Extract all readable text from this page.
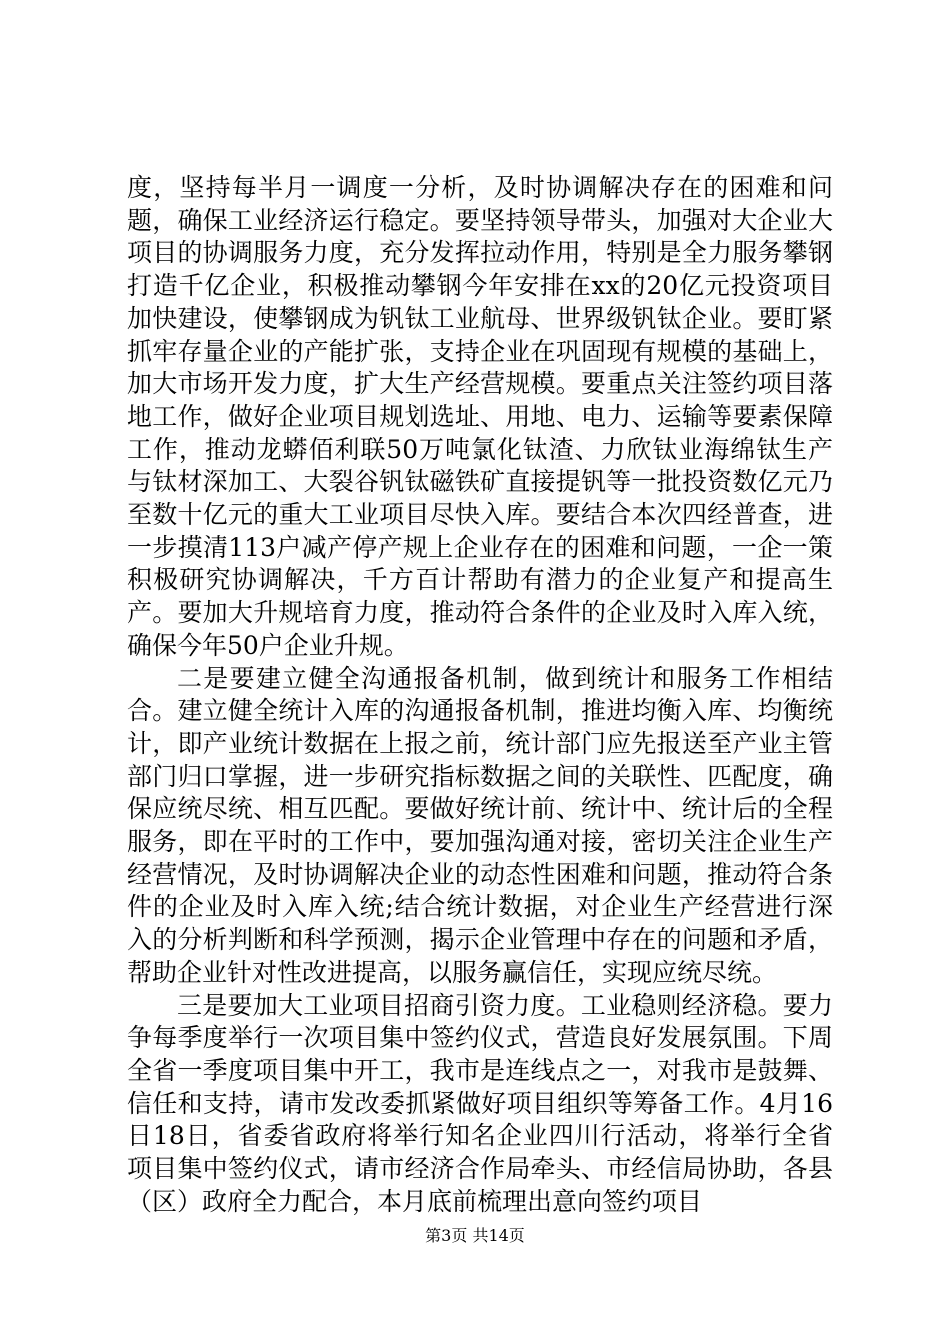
度，坚持每半月一调度一分析，及时协调解决存在的困难和问题，确保工业经济运行稳定。要坚持领导带头，加强对大企业大项目的协调服务力度，充分发挥拉动作用，特别是全力服务攀钢打造千亿企业，积极推动攀钢今年安排在xx的20亿元投资项目加快建设，使攀钢成为钒钛工业航母、世界级钒钛企业。要盯紧抓牢存量企业的产能扩张，支持企业在巩固现有规模的基础上，加大市场开发力度，扩大生产经营规模。要重点关注签约项目落地工作，做好企业项目规划选址、用地、电力、运输等要素保障工作，推动龙蟒佰利联50万吨氯化钛渣、力欣钛业海绵钛生产与钛材深加工、大裂谷钒钛磁铁矿直接提钒等一批投资数亿元乃至数十亿元的重大工业项目尽快入库。要结合本次四经普查，进一步摸清113户减产停产规上企业存在的困难和问题，一企一策积极研究协调解决，千方百计帮助有潜力的企业复产和提高生产。要加大升规培育力度，推动符合条件的企业及时入库入统，确保今年50户企业升规。

二是要建立健全沟通报备机制，做到统计和服务工作相结合。建立健全统计入库的沟通报备机制，推进均衡入库、均衡统计，即产业统计数据在上报之前，统计部门应先报送至产业主管部门归口掌握，进一步研究指标数据之间的关联性、匹配度，确保应统尽统、相互匹配。要做好统计前、统计中、统计后的全程服务，即在平时的工作中，要加强沟通对接，密切关注企业生产经营情况，及时协调解决企业的动态性困难和问题，推动符合条件的企业及时入库入统;结合统计数据，对企业生产经营进行深入的分析判断和科学预测，揭示企业管理中存在的问题和矛盾，帮助企业针对性改进提高，以服务赢信任，实现应统尽统。

三是要加大工业项目招商引资力度。工业稳则经济稳。要力争每季度举行一次项目集中签约仪式，营造良好发展氛围。下周全省一季度项目集中开工，我市是连线点之一，对我市是鼓舞、信任和支持，请市发改委抓紧做好项目组织等筹备工作。4月16日18日，省委省政府将举行知名企业四川行活动，将举行全省项目集中签约仪式，请市经济合作局牵头、市经信局协助，各县（区）政府全力配合，本月底前梳理出意向签约项目

第3页 共14页
